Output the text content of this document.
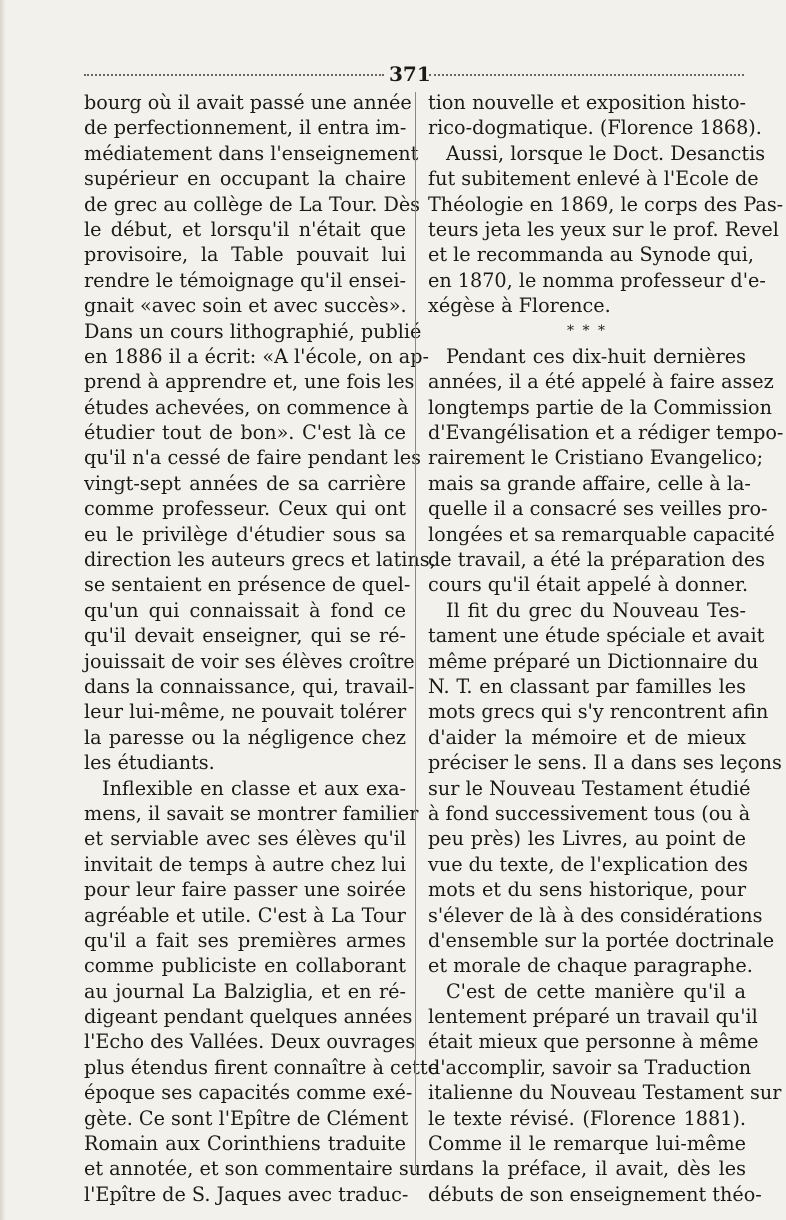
371
bourg où il avait passé une année
de perfectionnement, il entra im-
médiatement dans l'enseignement
supérieur en occupant la chaire
de grec au collège de La Tour. Dès
le début, et lorsqu'il n'était que
provisoire, la Table pouvait lui
rendre le témoignage qu'il ensei-
gnait «avec soin et avec succès».
Dans un cours lithographié, publié
en 1886 il a écrit: «A l'école, on ap-
prend à apprendre et, une fois les
études achevées, on commence à
étudier tout de bon». C'est là ce
qu'il n'a cessé de faire pendant les
vingt-sept années de sa carrière
comme professeur. Ceux qui ont
eu le privilège d'étudier sous sa
direction les auteurs grecs et latins,
se sentaient en présence de quel-
qu'un qui connaissait à fond ce
qu'il devait enseigner, qui se ré-
jouissait de voir ses élèves croître
dans la connaissance, qui, travail-
leur lui-même, ne pouvait tolérer
la paresse ou la négligence chez
les étudiants.
Inflexible en classe et aux exa-
mens, il savait se montrer familier
et serviable avec ses élèves qu'il
invitait de temps à autre chez lui
pour leur faire passer une soirée
agréable et utile. C'est à La Tour
qu'il a fait ses premières armes
comme publiciste en collaborant
au journal La Balziglia, et en ré-
digeant pendant quelques années
l'Echo des Vallées. Deux ouvrages
plus étendus firent connaître à cette
époque ses capacités comme exé-
gète. Ce sont l'Epître de Clément
Romain aux Corinthiens traduite
et annotée, et son commentaire sur
l'Epître de S. Jaques avec traduc-
tion nouvelle et exposition histo-
rico-dogmatique. (Florence 1868).
Aussi, lorsque le Doct. Desanctis
fut subitement enlevé à l'Ecole de
Théologie en 1869, le corps des Pas-
teurs jeta les yeux sur le prof. Revel
et le recommanda au Synode qui,
en 1870, le nomma professeur d'e-
xégèse à Florence.
* * *
Pendant ces dix-huit dernières
années, il a été appelé à faire assez
longtemps partie de la Commission
d'Evangélisation et a rédiger tempo-
rairement le Cristiano Evangelico;
mais sa grande affaire, celle à la-
quelle il a consacré ses veilles pro-
longées et sa remarquable capacité
de travail, a été la préparation des
cours qu'il était appelé à donner.
Il fit du grec du Nouveau Tes-
tament une étude spéciale et avait
même préparé un Dictionnaire du
N. T. en classant par familles les
mots grecs qui s'y rencontrent afin
d'aider la mémoire et de mieux
préciser le sens. Il a dans ses leçons
sur le Nouveau Testament étudié
à fond successivement tous (ou à
peu près) les Livres, au point de
vue du texte, de l'explication des
mots et du sens historique, pour
s'élever de là à des considérations
d'ensemble sur la portée doctrinale
et morale de chaque paragraphe.
C'est de cette manière qu'il a
lentement préparé un travail qu'il
était mieux que personne à même
d'accomplir, savoir sa Traduction
italienne du Nouveau Testament sur
le texte révisé. (Florence 1881).
Comme il le remarque lui-même
dans la préface, il avait, dès les
débuts de son enseignement théo-
